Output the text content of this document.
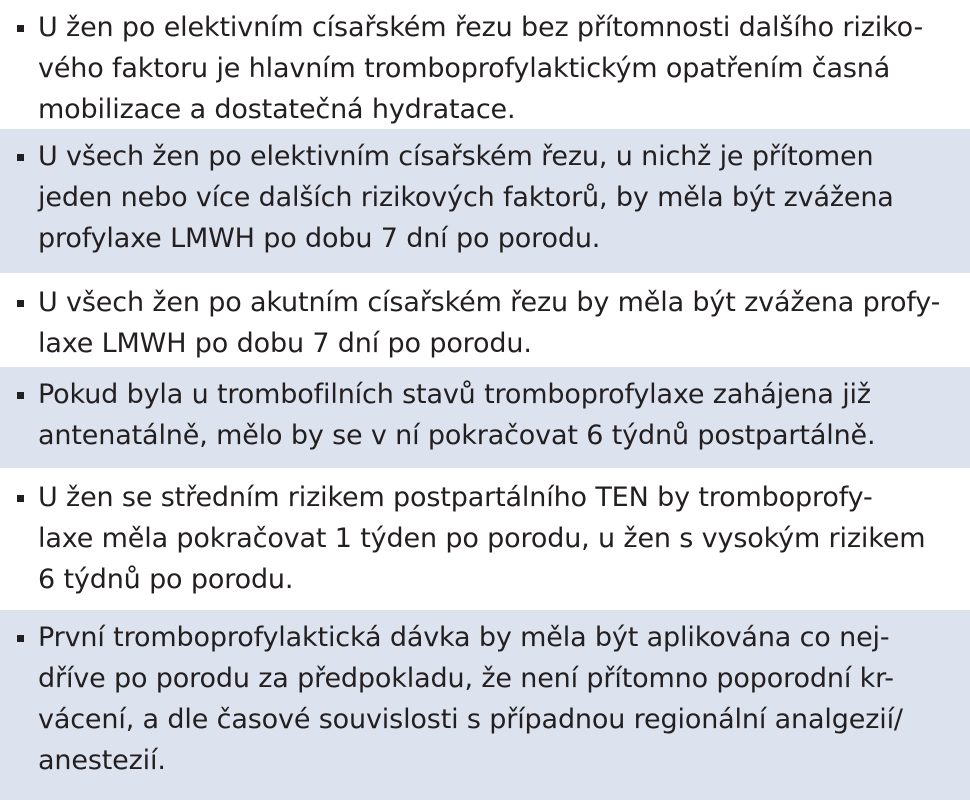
U žen po elektivním císařském řezu bez přítomnosti dalšího riziko-
vého faktoru je hlavním tromboprofylaktickým opatřením časná
mobilizace a dostatečná hydratace.
U všech žen po elektivním císařském řezu, u nichž je přítomen
jeden nebo více dalších rizikových faktorů, by měla být zvážena
profylaxe LMWH po dobu 7 dní po porodu.
U všech žen po akutním císařském řezu by měla být zvážena profy-
laxe LMWH po dobu 7 dní po porodu.
Pokud byla u trombofilních stavů tromboprofylaxe zahájena již
antenatálně, mělo by se v ní pokračovat 6 týdnů postpartálně.
U žen se středním rizikem postpartálního TEN by tromboprofy-
laxe měla pokračovat 1 týden po porodu, u žen s vysokým rizikem
6 týdnů po porodu.
První tromboprofylaktická dávka by měla být aplikována co nej-
dříve po porodu za předpokladu, že není přítomno poporodní kr-
vácení, a dle časové souvislosti s případnou regionální analgezií/
anestezií.
